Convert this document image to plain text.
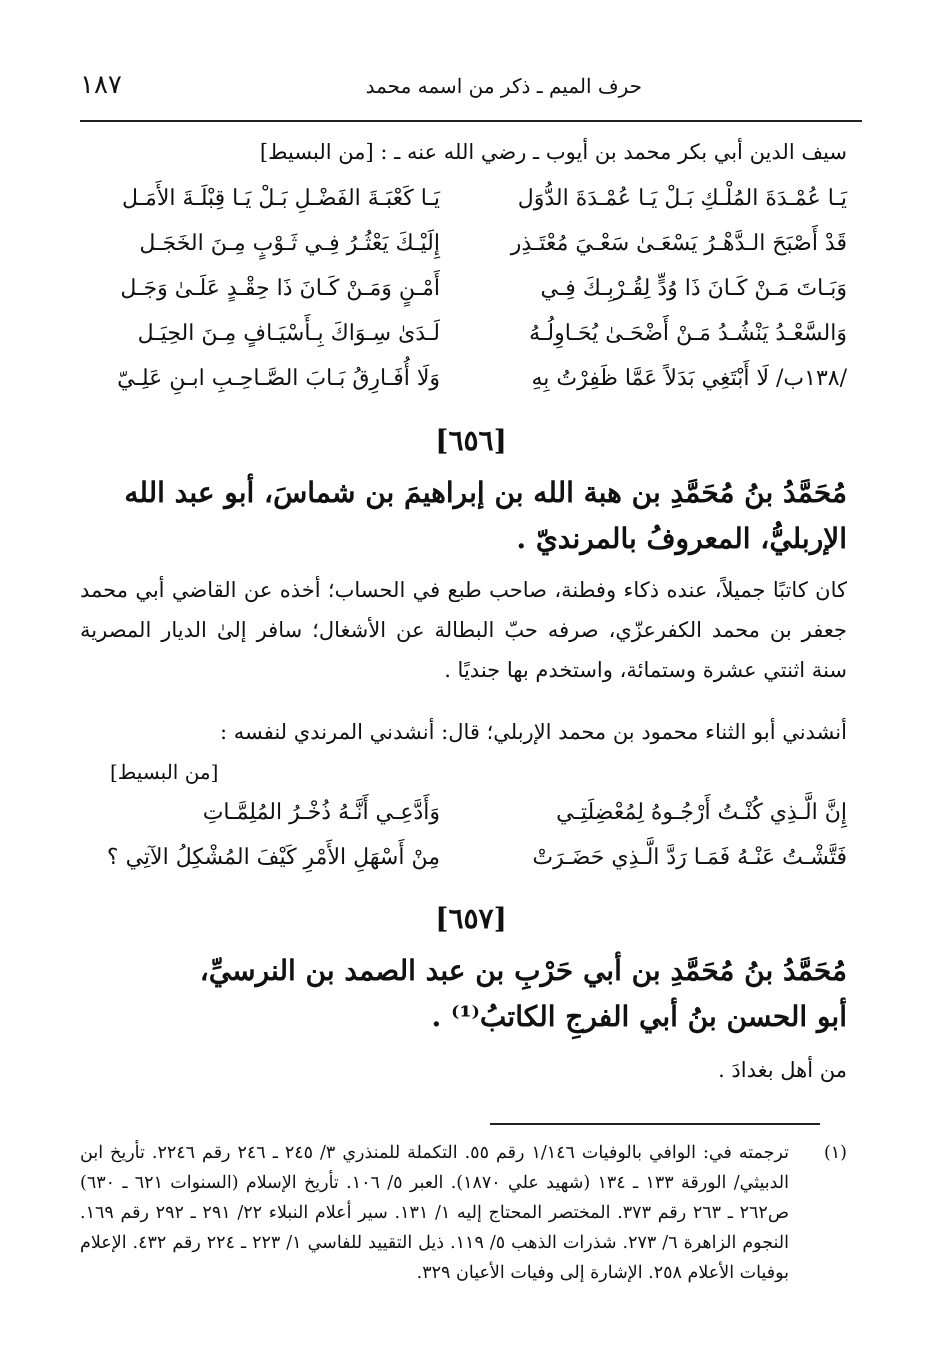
١٨٧	حرف الميم ـ ذكر من اسمه محمد
سيف الدين أبي بكر محمد بن أيوب ـ رضي الله عنه ـ : [من البسيط]
يَـا عُمْـدَةَ المُلْـكِ بَـلْ يَـا عُمْـدَةَ الدُّوَل
يَـا كَعْبَـةَ الفَضْـلِ بَـلْ يَـا قِبْلَـةَ الأَمَـل
قَدْ أَصْبَحَ الـدَّهْـرُ يَسْعَـىٰ سَعْـيَ مُعْتَـذِر
إِلَيْـكَ يَعْثُـرُ فِـي ثَـوْبٍ مِـنَ الخَجَـل
وَبَـاتَ مَـنْ كَـانَ ذَا وُدٍّ لِقُـرْبِـكَ فِـي
أَمْـنٍ وَمَـنْ كَـانَ ذَا حِقْـدٍ عَلَـىٰ وَجَـل
وَالسَّعْـدُ يَنْشُـدُ مَـنْ أَضْحَـىٰ يُحَـاوِلُـهُ
لَـدَىٰ سِـوَاكَ بِـأَسْيَـافٍ مِـنَ الحِيَـل
/١٣٨ب/ لَا أَبْتَغِي بَدَلاً عَمَّا ظَفِرْتُ بِهِ
وَلَا أُفَـارِقُ بَـابَ الصَّـاحِـبِ ابـنِ عَلِـيّ
[٦٥٦]
مُحَمَّدُ بنُ مُحَمَّدِ بن هبة الله بن إبراهيمَ بن شماسَ، أبو عبد الله
الإربليُّ، المعروفُ بالمرنديّ .
كان كاتبًا جميلاً، عنده ذكاء وفطنة، صاحب طبع في الحساب؛ أخذه عن القاضي أبي محمد جعفر بن محمد الكفرعزّي، صرفه حبّ البطالة عن الأشغال؛ سافر إلىٰ الديار المصرية سنة اثنتي عشرة وستمائة، واستخدم بها جنديًا .
أنشدني أبو الثناء محمود بن محمد الإربلي؛ قال: أنشدني المرندي لنفسه :
[من البسيط]
إِنَّ الَّـذِي كُنْـتُ أَرْجُـوهُ لِمُعْضِلَتِـي
وَأَدَّعِـي أَنَّـهُ ذُخْـرُ المُلِمَّـاتِ
فَتَّشْـتُ عَنْـهُ فَمَـا رَدَّ الَّـذِي حَضَـرَتْ
مِنْ أَسْهَلِ الأَمْرِ كَيْفَ المُشْكِلُ الآتِي ؟
[٦٥٧]
مُحَمَّدُ بنُ مُحَمَّدِ بن أبي حَرْبِ بن عبد الصمد بن النرسيِّ،
أبو الحسن بنُ أبي الفرجِ الكاتبُ⁽¹⁾ .
من أهل بغدادَ .
(١)
ترجمته في: الوافي بالوفيات ١/١٤٦ رقم ٥٥. التكملة للمنذري ٣/ ٢٤٥ ـ ٢٤٦ رقم ٢٢٤٦. تأريخ ابن الدبيثي/ الورقة ١٣٣ ـ ١٣٤ (شهيد علي ١٨٧٠). العبر ٥/ ١٠٦. تأريخ الإسلام (السنوات ٦٢١ ـ ٦٣٠) ص٢٦٢ ـ ٢٦٣ رقم ٣٧٣. المختصر المحتاج إليه ١/ ١٣١. سير أعلام النبلاء ٢٢/ ٢٩١ ـ ٢٩٢ رقم ١٦٩. النجوم الزاهرة ٦/ ٢٧٣. شذرات الذهب ٥/ ١١٩. ذيل التقييد للفاسي ١/ ٢٢٣ ـ ٢٢٤ رقم ٤٣٢. الإعلام بوفيات الأعلام ٢٥٨. الإشارة إلى وفيات الأعيان ٣٢٩.
